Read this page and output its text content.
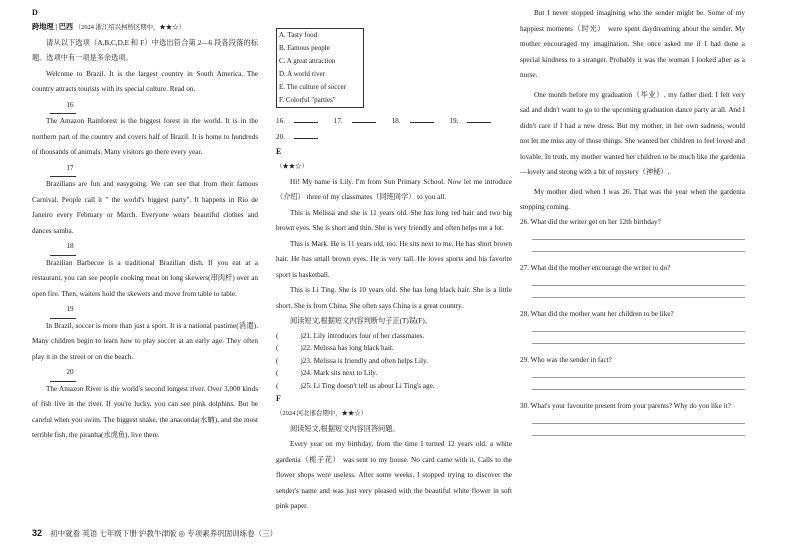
D

跨地理 | 巴西 （2024 浙江绍兴柯桥区期中，★★☆）

请从以下选项（A,B,C,D,E 和 F）中选出符合第 2—6 段各段落的标题。选项中有一项是多余选项。

Welcome to Brazil. It is the largest country in South America. The country attracts tourists with its special culture. Read on.

16

The Amazon Rainforest is the biggest forest in the world. It is in the northern part of the country and covers half of Brazil. It is home to hundreds of thousands of animals. Many visitors go there every year.

17

Brazilians are fun and easygoing. We can see that from their famous Carnival. People call it " the world's biggest party". It happens in Rio de Janeiro every February or March. Everyone wears beautiful clothes and dances samba.

18

Brazilian Barbecue is a traditional Brazilian dish. If you eat at a restaurant, you can see people cooking meat on long skewers(串肉杆) over an open fire. Then, waiters hold the skewers and move from table to table.

19

In Brazil, soccer is more than just a sport. It is a national pastime(消遣). Many children begin to learn how to play soccer at an early age. They often play it in the street or on the beach.

20

The Amazon River is the world's second longest river. Over 3,000 kinds of fish live in the river. If you're lucky, you can see pink dolphins. But be careful when you swim. The biggest snake, the anaconda(水蚺), and the most terrible fish, the piranha(水虎鱼), live there.

A. Tasty food
B. Famous people
C. A great attraction
D. A world river
E. The culture of soccer
F. Colorful "parties"
16.	17.	18.	19. 20.

E

（★★☆）

Hi! My name is Lily. I'm from Sun Primary School. Now let me introduce（介绍） three of my classmates（同班同学） to you all.

This is Melissa and she is 11 years old. She has long red hair and two big brown eyes. She is short and thin. She is very friendly and often helps me a lot.

This is Mark. He is 11 years old, too. He sits next to me. He has short brown hair. He has small brown eyes. He is very tall. He loves sports and his favorite sport is basketball.

This is Li Ting. She is 10 years old. She has long black hair. She is a little short. She is from China. She often says China is a great country.

阅读短文,根据短文内容判断句子正(T)误(F)。

(	)21. Lily introduces four of her classmates.

(	)22. Melissa has long black hair.

(	)23. Melissa is friendly and often helps Lily.

(	)24. Mark sits next to Lily.

(	)25. Li Ting doesn't tell us about Li Ting's age.

F

（2024 河北邢台期中，★★☆）

阅读短文,根据短文内容回答问题。

Every year on my birthday, from the time I turned 12 years old, a white gardenia（栀子花） was sent to my house. No card came with it. Calls to the flower shops were useless. After some weeks, I stopped trying to discover the sender's name and was just very pleased with the beautiful white flower in soft pink paper.

But I never stopped imagining who the sender might be. Some of my happiest moments（时光） were spent daydreaming about the sender. My mother encouraged my imagination. She once asked me if I had done a special kindness to a stranger. Probably it was the woman I looked after as a nurse.

One month before my graduation（毕业）, my father died. I felt very sad and didn't want to go to the upcoming graduation dance party at all. And I didn't care if I had a new dress. But my mother, in her own sadness, would not let me miss any of those things. She wanted her children to feel loved and lovable. In truth, my mother wanted her children to be much like the gardenia—lovely and strong with a bit of mystery（神秘）.

My mother died when I was 26. That was the year when the gardenia stopping coming.

26. What did the writer get on her 12th birthday?

27. What did the mother encourage the writer to do?

28. What did the mother want her children to be like?

29. Who was the sender in fact?

30. What's your favourite present from your parents? Why do you like it?

32 初中就看 英语 七年级下册 沪教牛津版 ◎ 专项素养巩固训练卷（三）
